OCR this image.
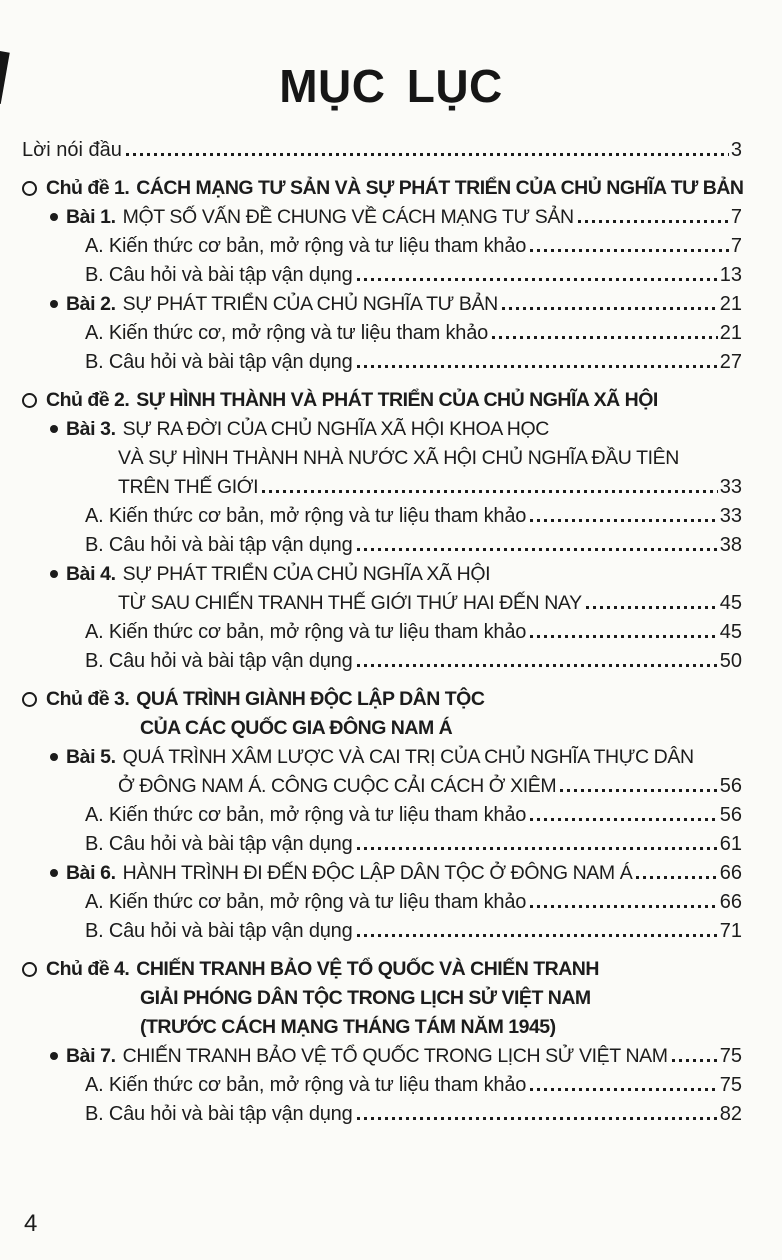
MỤC LỤC
Lời nói đầu	3
Chủ đề 1. CÁCH MẠNG TƯ SẢN VÀ SỰ PHÁT TRIỂN CỦA CHỦ NGHĨA TƯ BẢN
Bài 1. MỘT SỐ VẤN ĐỀ CHUNG VỀ CÁCH MẠNG TƯ SẢN	7
A. Kiến thức cơ bản, mở rộng và tư liệu tham khảo	7
B. Câu hỏi và bài tập vận dụng	13
Bài 2. SỰ PHÁT TRIỂN CỦA CHỦ NGHĨA TƯ BẢN	21
A. Kiến thức cơ, mở rộng và tư liệu tham khảo	21
B. Câu hỏi và bài tập vận dụng	27
Chủ đề 2. SỰ HÌNH THÀNH VÀ PHÁT TRIỂN CỦA CHỦ NGHĨA XÃ HỘI
Bài 3. SỰ RA ĐỜI CỦA CHỦ NGHĨA XÃ HỘI KHOA HỌC
VÀ SỰ HÌNH THÀNH NHÀ NƯỚC XÃ HỘI CHỦ NGHĨA ĐẦU TIÊN
TRÊN THẾ GIỚI	33
A. Kiến thức cơ bản, mở rộng và tư liệu tham khảo	33
B. Câu hỏi và bài tập vận dụng	38
Bài 4. SỰ PHÁT TRIỂN CỦA CHỦ NGHĨA XÃ HỘI
TỪ SAU CHIẾN TRANH THẾ GIỚI THỨ HAI ĐẾN NAY	45
A. Kiến thức cơ bản, mở rộng và tư liệu tham khảo	45
B. Câu hỏi và bài tập vận dụng	50
Chủ đề 3. QUÁ TRÌNH GIÀNH ĐỘC LẬP DÂN TỘC
CỦA CÁC QUỐC GIA ĐÔNG NAM Á
Bài 5. QUÁ TRÌNH XÂM LƯỢC VÀ CAI TRỊ CỦA CHỦ NGHĨA THỰC DÂN
Ở ĐÔNG NAM Á. CÔNG CUỘC CẢI CÁCH Ở XIÊM	56
A. Kiến thức cơ bản, mở rộng và tư liệu tham khảo	56
B. Câu hỏi và bài tập vận dụng	61
Bài 6. HÀNH TRÌNH ĐI ĐẾN ĐỘC LẬP DÂN TỘC Ở ĐÔNG NAM Á	66
A. Kiến thức cơ bản, mở rộng và tư liệu tham khảo	66
B. Câu hỏi và bài tập vận dụng	71
Chủ đề 4. CHIẾN TRANH BẢO VỆ TỔ QUỐC VÀ CHIẾN TRANH
GIẢI PHÓNG DÂN TỘC TRONG LỊCH SỬ VIỆT NAM
(TRƯỚC CÁCH MẠNG THÁNG TÁM NĂM 1945)
Bài 7. CHIẾN TRANH BẢO VỆ TỔ QUỐC TRONG LỊCH SỬ VIỆT NAM	75
A. Kiến thức cơ bản, mở rộng và tư liệu tham khảo	75
B. Câu hỏi và bài tập vận dụng	82
4
